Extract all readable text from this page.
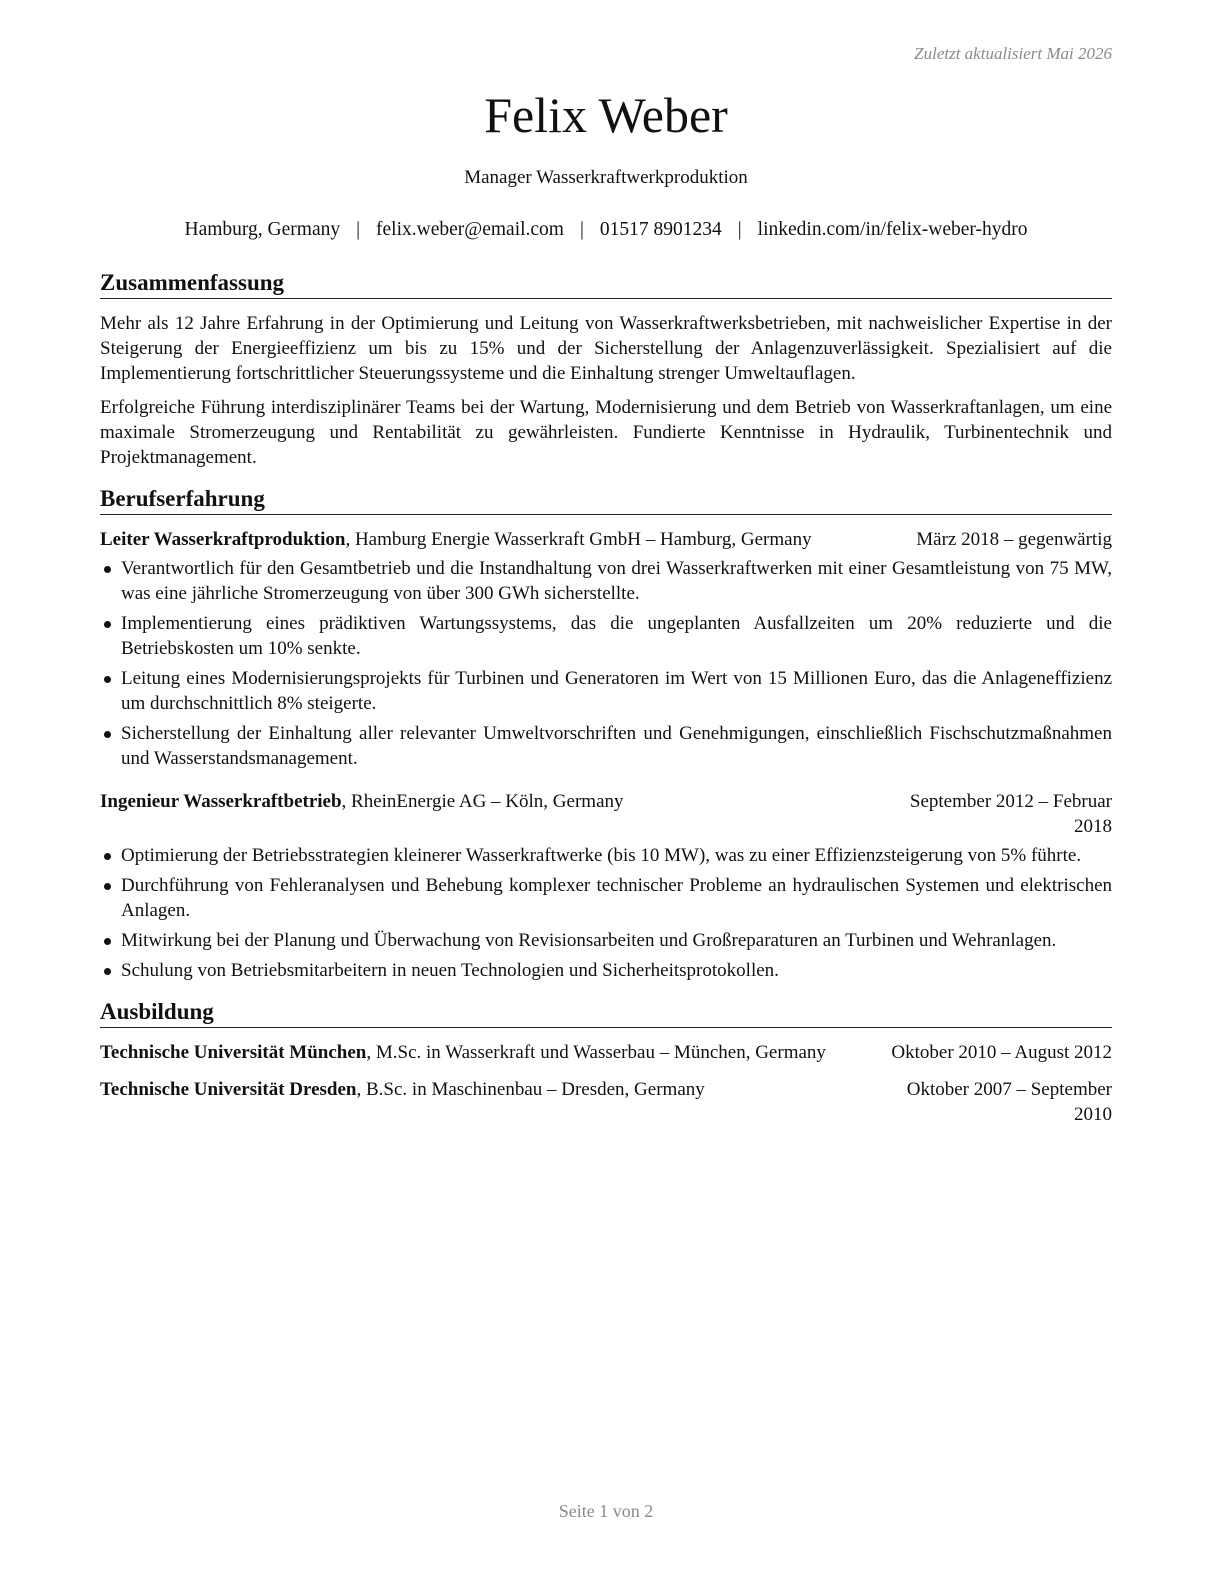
Zuletzt aktualisiert Mai 2026
Felix Weber
Manager Wasserkraftwerkproduktion
Hamburg, Germany | felix.weber@email.com | 01517 8901234 | linkedin.com/in/felix-weber-hydro
Zusammenfassung

Mehr als 12 Jahre Erfahrung in der Optimierung und Leitung von Wasserkraftwerksbetrieben, mit nachweislicher Expertise in der Steigerung der Energieeffizienz um bis zu 15% und der Sicherstellung der Anlagenzuverlässigkeit. Spezialisiert auf die Implementierung fortschrittlicher Steuerungssysteme und die Einhaltung strenger Umweltauflagen.

Erfolgreiche Führung interdisziplinärer Teams bei der Wartung, Modernisierung und dem Betrieb von Wasserkraftanlagen, um eine maximale Stromerzeugung und Rentabilität zu gewährleisten. Fundierte Kenntnisse in Hydraulik, Turbinentechnik und Projektmanagement.

Berufserfahrung
Leiter Wasserkraftproduktion, Hamburg Energie Wasserkraft GmbH – Hamburg, Germany	März 2018 – gegenwärtig
Verantwortlich für den Gesamtbetrieb und die Instandhaltung von drei Wasserkraftwerken mit einer Gesamtleistung von 75 MW, was eine jährliche Stromerzeugung von über 300 GWh sicherstellte.
Implementierung eines prädiktiven Wartungssystems, das die ungeplanten Ausfallzeiten um 20% reduzierte und die Betriebskosten um 10% senkte.
Leitung eines Modernisierungsprojekts für Turbinen und Generatoren im Wert von 15 Millionen Euro, das die Anlageneffizienz um durchschnittlich 8% steigerte.
Sicherstellung der Einhaltung aller relevanter Umweltvorschriften und Genehmigungen, einschließlich Fischschutzmaßnahmen und Wasserstandsmanagement.
Ingenieur Wasserkraftbetrieb, RheinEnergie AG – Köln, Germany	September 2012 – Februar 2018
Optimierung der Betriebsstrategien kleinerer Wasserkraftwerke (bis 10 MW), was zu einer Effizienzsteigerung von 5% führte.
Durchführung von Fehleranalysen und Behebung komplexer technischer Probleme an hydraulischen Systemen und elektrischen Anlagen.
Mitwirkung bei der Planung und Überwachung von Revisionsarbeiten und Großreparaturen an Turbinen und Wehranlagen.
Schulung von Betriebsmitarbeitern in neuen Technologien und Sicherheitsprotokollen.
Ausbildung
Technische Universität München, M.Sc. in Wasserkraft und Wasserbau – München, Germany	Oktober 2010 – August 2012
Technische Universität Dresden, B.Sc. in Maschinenbau – Dresden, Germany	Oktober 2007 – September 2010
Seite 1 von 2
